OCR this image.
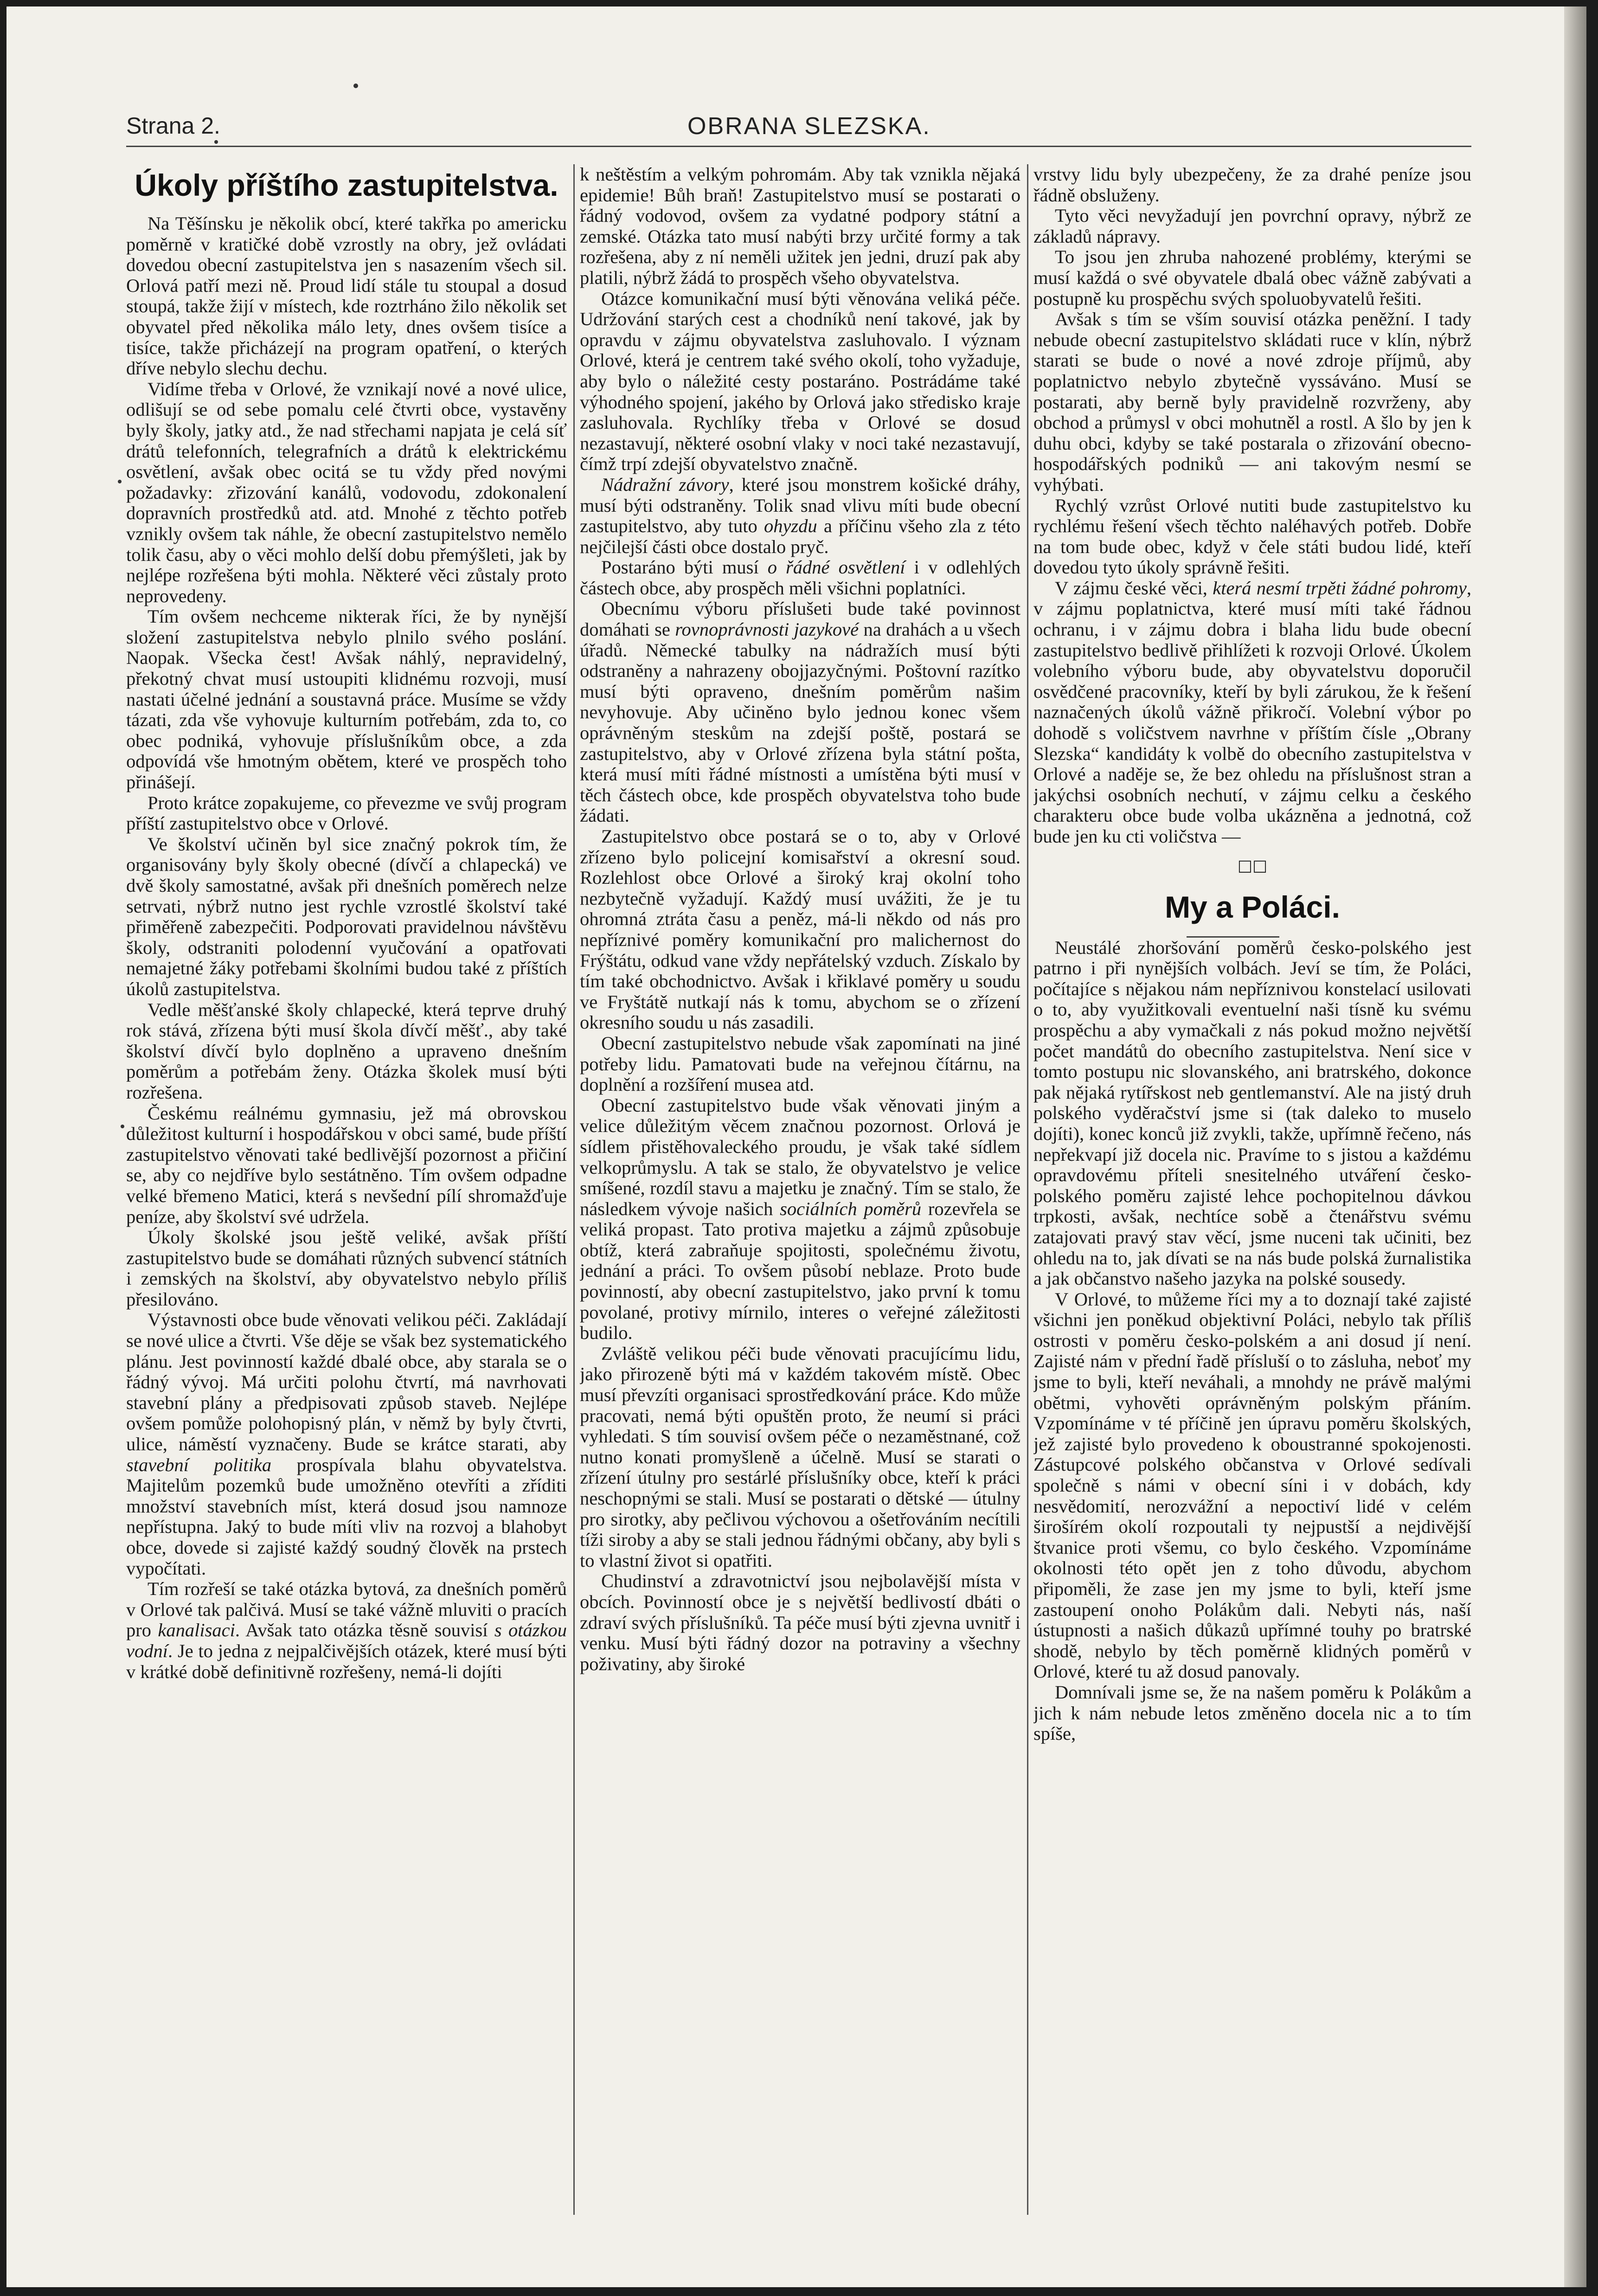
Strana 2.	OBRANA SLEZSKA.
Úkoly příštího zastupitelstva.

Na Těšínsku je několik obcí, které takřka po americku poměrně v kratičké době vzrostly na obry, jež ovládati dovedou obecní zastupitelstva jen s nasazením všech sil. Orlová patří mezi ně. Proud lidí stále tu stoupal a dosud stoupá, takže žijí v místech, kde roztrháno žilo několik set obyvatel před několika málo lety, dnes ovšem tisíce a tisíce, takže přicházejí na program opatření, o kterých dříve nebylo slechu dechu.

Vidíme třeba v Orlové, že vznikají nové a nové ulice, odlišují se od sebe pomalu celé čtvrti obce, vystavěny byly školy, jatky atd., že nad střechami napjata je celá síť drátů telefonních, telegrafních a drátů k elektrickému osvětlení, avšak obec ocitá se tu vždy před novými požadavky: zřizování kanálů, vodovodu, zdokonalení dopravních prostředků atd. atd. Mnohé z těchto potřeb vznikly ovšem tak náhle, že obecní zastupitelstvo nemělo tolik času, aby o věci mohlo delší dobu přemýšleti, jak by nejlépe rozřešena býti mohla. Některé věci zůstaly proto neprovedeny.

Tím ovšem nechceme nikterak říci, že by nynější složení zastupitelstva nebylo plnilo svého poslání. Naopak. Všecka čest! Avšak náhlý, nepravidelný, překotný chvat musí ustoupiti klidnému rozvoji, musí nastati účelné jednání a soustavná práce. Musíme se vždy tázati, zda vše vyhovuje kulturním potřebám, zda to, co obec podniká, vyhovuje příslušníkům obce, a zda odpovídá vše hmotným obětem, které ve prospěch toho přinášejí.

Proto krátce zopakujeme, co převezme ve svůj program příští zastupitelstvo obce v Orlové.

Ve školství učiněn byl sice značný pokrok tím, že organisovány byly školy obecné (dívčí a chlapecká) ve dvě školy samostatné, avšak při dnešních poměrech nelze setrvati, nýbrž nutno jest rychle vzrostlé školství také přiměřeně zabezpečiti. Podporovati pravidelnou návštěvu školy, odstraniti polodenní vyučování a opatřovati nemajetné žáky potřebami školními budou také z příštích úkolů zastupitelstva.

Vedle měšťanské školy chlapecké, která teprve druhý rok stává, zřízena býti musí škola dívčí měšť., aby také školství dívčí bylo doplněno a upraveno dnešním poměrům a potřebám ženy. Otázka školek musí býti rozřešena.

Českému reálnému gymnasiu, jež má obrovskou důležitost kulturní i hospodářskou v obci samé, bude příští zastupitelstvo věnovati také bedlivější pozornost a přičiní se, aby co nejdříve bylo sestátněno. Tím ovšem odpadne velké břemeno Matici, která s nevšední pílí shromažďuje peníze, aby školství své udržela.

Úkoly školské jsou ještě veliké, avšak příští zastupitelstvo bude se domáhati různých subvencí státních i zemských na školství, aby obyvatelstvo nebylo příliš přesilováno.

Výstavnosti obce bude věnovati velikou péči. Zakládají se nové ulice a čtvrti. Vše děje se však bez systematického plánu. Jest povinností každé dbalé obce, aby starala se o řádný vývoj. Má určiti polohu čtvrtí, má navrhovati stavební plány a předpisovati způsob staveb. Nejlépe ovšem pomůže polohopisný plán, v němž by byly čtvrti, ulice, náměstí vyznačeny. Bude se krátce starati, aby stavební politika prospívala blahu obyvatelstva. Majitelům pozemků bude umožněno otevříti a zříditi množství stavebních míst, která dosud jsou namnoze nepřístupna. Jaký to bude míti vliv na rozvoj a blahobyt obce, dovede si zajisté každý soudný člověk na prstech vypočítati.

Tím rozřeší se také otázka bytová, za dnešních poměrů v Orlové tak palčivá. Musí se také vážně mluviti o pracích pro kanalisaci. Avšak tato otázka těsně souvisí s otázkou vodní. Je to jedna z nejpalčivějších otázek, které musí býti v krátké době definitivně rozřešeny, nemá-li dojíti

k neštěstím a velkým pohromám. Aby tak vznikla nějaká epidemie! Bůh braň! Zastupitelstvo musí se postarati o řádný vodovod, ovšem za vydatné podpory státní a zemské. Otázka tato musí nabýti brzy určité formy a tak rozřešena, aby z ní neměli užitek jen jedni, druzí pak aby platili, nýbrž žádá to prospěch všeho obyvatelstva.

Otázce komunikační musí býti věnována veliká péče. Udržování starých cest a chodníků není takové, jak by opravdu v zájmu obyvatelstva zasluhovalo. I význam Orlové, která je centrem také svého okolí, toho vyžaduje, aby bylo o náležité cesty postaráno. Postrádáme také výhodného spojení, jakého by Orlová jako středisko kraje zasluhovala. Rychlíky třeba v Orlové se dosud nezastavují, některé osobní vlaky v noci také nezastavují, čímž trpí zdejší obyvatelstvo značně.

Nádražní závory, které jsou monstrem košické dráhy, musí býti odstraněny. Tolik snad vlivu míti bude obecní zastupitelstvo, aby tuto ohyzdu a příčinu všeho zla z této nejčilejší části obce dostalo pryč.

Postaráno býti musí o řádné osvětlení i v odlehlých částech obce, aby prospěch měli všichni poplatníci.

Obecnímu výboru příslušeti bude také povinnost domáhati se rovnoprávnosti jazykové na drahách a u všech úřadů. Německé tabulky na nádražích musí býti odstraněny a nahrazeny obojjazyčnými. Poštovní razítko musí býti opraveno, dnešním poměrům našim nevyhovuje. Aby učiněno bylo jednou konec všem oprávněným steskům na zdejší poště, postará se zastupitelstvo, aby v Orlové zřízena byla státní pošta, která musí míti řádné místnosti a umístěna býti musí v těch částech obce, kde prospěch obyvatelstva toho bude žádati.

Zastupitelstvo obce postará se o to, aby v Orlové zřízeno bylo policejní komisařství a okresní soud. Rozlehlost obce Orlové a široký kraj okolní toho nezbytečně vyžadují. Každý musí uvážiti, že je tu ohromná ztráta času a peněz, má-li někdo od nás pro nepříznivé poměry komunikační pro malichernost do Frýštátu, odkud vane vždy nepřátelský vzduch. Získalo by tím také obchodnictvo. Avšak i křiklavé poměry u soudu ve Fryštátě nutkají nás k tomu, abychom se o zřízení okresního soudu u nás zasadili.

Obecní zastupitelstvo nebude však zapomínati na jiné potřeby lidu. Pamatovati bude na veřejnou čítárnu, na doplnění a rozšíření musea atd.

Obecní zastupitelstvo bude však věnovati jiným a velice důležitým věcem značnou pozornost. Orlová je sídlem přistěhovaleckého proudu, je však také sídlem velkoprůmyslu. A tak se stalo, že obyvatelstvo je velice smíšené, rozdíl stavu a majetku je značný. Tím se stalo, že následkem vývoje našich sociálních poměrů rozevřela se veliká propast. Tato protiva majetku a zájmů způsobuje obtíž, která zabraňuje spojitosti, společnému životu, jednání a práci. To ovšem působí neblaze. Proto bude povinností, aby obecní zastupitelstvo, jako první k tomu povolané, protivy mírnilo, interes o veřejné záležitosti budilo.

Zvláště velikou péči bude věnovati pracujícímu lidu, jako přirozeně býti má v každém takovém místě. Obec musí převzíti organisaci sprostředkování práce. Kdo může pracovati, nemá býti opuštěn proto, že neumí si práci vyhledati. S tím souvisí ovšem péče o nezaměstnané, což nutno konati promyšleně a účelně. Musí se starati o zřízení útulny pro sestárlé příslušníky obce, kteří k práci neschopnými se stali. Musí se postarati o dětské — útulny pro sirotky, aby pečlivou výchovou a ošetřováním necítili tíži siroby a aby se stali jednou řádnými občany, aby byli s to vlastní život si opatřiti.

Chudinství a zdravotnictví jsou nejbolavější místa v obcích. Povinností obce je s největší bedlivostí dbáti o zdraví svých příslušníků. Ta péče musí býti zjevna uvnitř i venku. Musí býti řádný dozor na potraviny a všechny poživatiny, aby široké

vrstvy lidu byly ubezpečeny, že za drahé peníze jsou řádně obsluženy.

Tyto věci nevyžadují jen povrchní opravy, nýbrž ze základů nápravy.

To jsou jen zhruba nahozené problémy, kterými se musí každá o své obyvatele dbalá obec vážně zabývati a postupně ku prospěchu svých spoluobyvatelů řešiti.

Avšak s tím se vším souvisí otázka peněžní. I tady nebude obecní zastupitelstvo skládati ruce v klín, nýbrž starati se bude o nové a nové zdroje příjmů, aby poplatnictvo nebylo zbytečně vyssáváno. Musí se postarati, aby berně byly pravidelně rozvrženy, aby obchod a průmysl v obci mohutněl a rostl. A šlo by jen k duhu obci, kdyby se také postarala o zřizování obecno-hospodářských podniků — ani takovým nesmí se vyhýbati.

Rychlý vzrůst Orlové nutiti bude zastupitelstvo ku rychlému řešení všech těchto naléhavých potřeb. Dobře na tom bude obec, když v čele státi budou lidé, kteří dovedou tyto úkoly správně řešiti.

V zájmu české věci, která nesmí trpěti žádné pohromy, v zájmu poplatnictva, které musí míti také řádnou ochranu, i v zájmu dobra i blaha lidu bude obecní zastupitelstvo bedlivě přihlížeti k rozvoji Orlové. Úkolem volebního výboru bude, aby obyvatelstvu doporučil osvědčené pracovníky, kteří by byli zárukou, že k řešení naznačených úkolů vážně přikročí. Volební výbor po dohodě s voličstvem navrhne v příštím čísle „Obrany Slezska“ kandidáty k volbě do obecního zastupitelstva v Orlové a naděje se, že bez ohledu na příslušnost stran a jakýchsi osobních nechutí, v zájmu celku a českého charakteru obce bude volba ukázněna a jednotná, což bude jen ku cti voličstva —

□□
My a Poláci.

Neustálé zhoršování poměrů česko-polského jest patrno i při nynějších volbách. Jeví se tím, že Poláci, počítajíce s nějakou nám nepříznivou konstelací usilovati o to, aby využitkovali eventuelní naši tísně ku svému prospěchu a aby vymačkali z nás pokud možno největší počet mandátů do obecního zastupitelstva. Není sice v tomto postupu nic slovanského, ani bratrského, dokonce pak nějaká rytířskost neb gentlemanství. Ale na jistý druh polského vyděračství jsme si (tak daleko to muselo dojíti), konec konců již zvykli, takže, upřímně řečeno, nás nepřekvapí již docela nic. Pravíme to s jistou a každému opravdovému příteli snesitelného utváření česko-polského poměru zajisté lehce pochopitelnou dávkou trpkosti, avšak, nechtíce sobě a čtenářstvu svému zatajovati pravý stav věcí, jsme nuceni tak učiniti, bez ohledu na to, jak dívati se na nás bude polská žurnalistika a jak občanstvo našeho jazyka na polské sousedy.

V Orlové, to můžeme říci my a to doznají také zajisté všichni jen poněkud objektivní Poláci, nebylo tak příliš ostrosti v poměru česko-polském a ani dosud jí není. Zajisté nám v přední řadě přísluší o to zásluha, neboť my jsme to byli, kteří neváhali, a mnohdy ne právě malými obětmi, vyhověti oprávněným polským přáním. Vzpomínáme v té příčině jen úpravu poměru školských, jež zajisté bylo provedeno k oboustranné spokojenosti. Zástupcové polského občanstva v Orlové sedívali společně s námi v obecní síni i v dobách, kdy nesvědomití, nerozvážní a nepoctiví lidé v celém širošírém okolí rozpoutali ty nejpustší a nejdivější štvanice proti všemu, co bylo českého. Vzpomínáme okolnosti této opět jen z toho důvodu, abychom připoměli, že zase jen my jsme to byli, kteří jsme zastoupení onoho Polákům dali. Nebyti nás, naší ústupnosti a našich důkazů upřímné touhy po bratrské shodě, nebylo by těch poměrně klidných poměrů v Orlové, které tu až dosud panovaly.

Domnívali jsme se, že na našem poměru k Polákům a jich k nám nebude letos změněno docela nic a to tím spíše,
